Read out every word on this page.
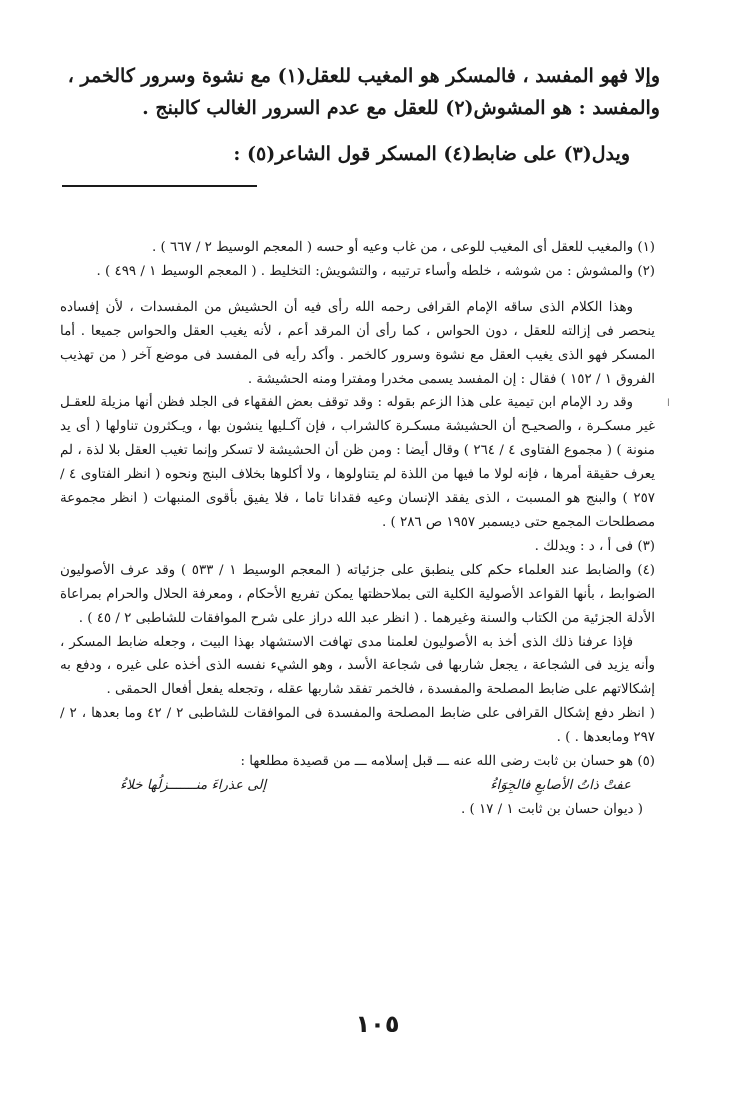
وإلا فهو المفسد ، فالمسكر هو المغيب للعقل(١) مع نشوة وسرور كالخمر ،
والمفسد : هو المشوش(٢) للعقل مع عدم السرور الغالب كالبنج .
ويدل(٣) على ضابط(٤) المسكر قول الشاعر(٥) :
ا

(١) والمغيب للعقل أى المغيب للوعى ، من غاب وعيه أو حسه ( المعجم الوسيط ٢ / ٦٦٧ ) .

(٢) والمشوش : من شوشه ، خلطه وأساء ترتيبه ، والتشويش: التخليط . ( المعجم الوسيط ١ / ٤٩٩ ) .

وهذا الكلام الذى ساقه الإمام القرافى رحمه الله رأى فيه أن الحشيش من المفسدات ، لأن إفساده ينحصر فى إزالته للعقل ، دون الحواس ، كما رأى أن المرقد أعم ، لأنه يغيب العقل والحواس جميعا . أما المسكر فهو الذى يغيب العقل مع نشوة وسرور كالخمر . وأكد رأيه فى المفسد فى موضع آخر ( من تهذيب الفروق ١ / ١٥٢ ) فقال : إن المفسد يسمى مخدرا ومفترا ومنه الحشيشة .

وقد رد الإمام ابن تيمية على هذا الزعم بقوله : وقد توقف بعض الفقهاء فى الجلد فظن أنها مزيلة للعقـل غير مسكـرة ، والصحيـح أن الحشيشة مسكـرة كالشراب ، فإن آكـليها ينشون بها ، ويـكثرون تناولها ( أى يد منونة ) ( مجموع الفتاوى ٤ / ٢٦٤ ) وقال أيضا : ومن ظن أن الحشيشة لا تسكر وإنما تغيب العقل بلا لذة ، لم يعرف حقيقة أمرها ، فإنه لولا ما فيها من اللذة لم يتناولوها ، ولا أكلوها بخلاف البنج ونحوه ( انظر الفتاوى ٤ / ٢٥٧ ) والبنج هو المسبت ، الذى يفقد الإنسان وعيه فقدانا تاما ، فلا يفيق بأقوى المنبهات ( انظر مجموعة مصطلحات المجمع حتى ديسمبر ١٩٥٧ ص ٢٨٦ ) .

(٣) فى أ ، د : ويدلك .

(٤) والضابط عند العلماء حكم كلى ينطبق على جزئياته ( المعجم الوسيط ١ / ٥٣٣ ) وقد عرف الأصوليون الضوابط ، بأنها القواعد الأصولية الكلية التى بملاحظتها يمكن تفريع الأحكام ، ومعرفة الحلال والحرام بمراعاة الأدلة الجزئية من الكتاب والسنة وغيرهما . ( انظر عبد الله دراز على شرح الموافقات للشاطبى ٢ / ٤٥ ) .

فإذا عرفنا ذلك الذى أخذ به الأصوليون لعلمنا مدى تهافت الاستشهاد بهذا البيت ، وجعله ضابط المسكر ، وأنه يزيد فى الشجاعة ، يجعل شاربها فى شجاعة الأسد ، وهو الشيء نفسه الذى أخذه على غيره ، ودفع به إشكالاتهم على ضابط المصلحة والمفسدة ، فالخمر تفقد شاربها عقله ، وتجعله يفعل أفعال الحمقى .

( انظر دفع إشكال القرافى على ضابط المصلحة والمفسدة فى الموافقات للشاطبى ٢ / ٤٢ وما بعدها ، ٢ / ٢٩٧ ومابعدها . ) .

(٥) هو حسان بن ثابت رضى الله عنه ـــ قبل إسلامه ـــ من قصيدة مطلعها :

عفتْ ذاتُ الأصابعِ فالجِوَاءُ
إلى عذراءَ منـــــــزلُها خلاءُ

( ديوان حسان بن ثابت ١ / ١٧ ) .

١٠٥
